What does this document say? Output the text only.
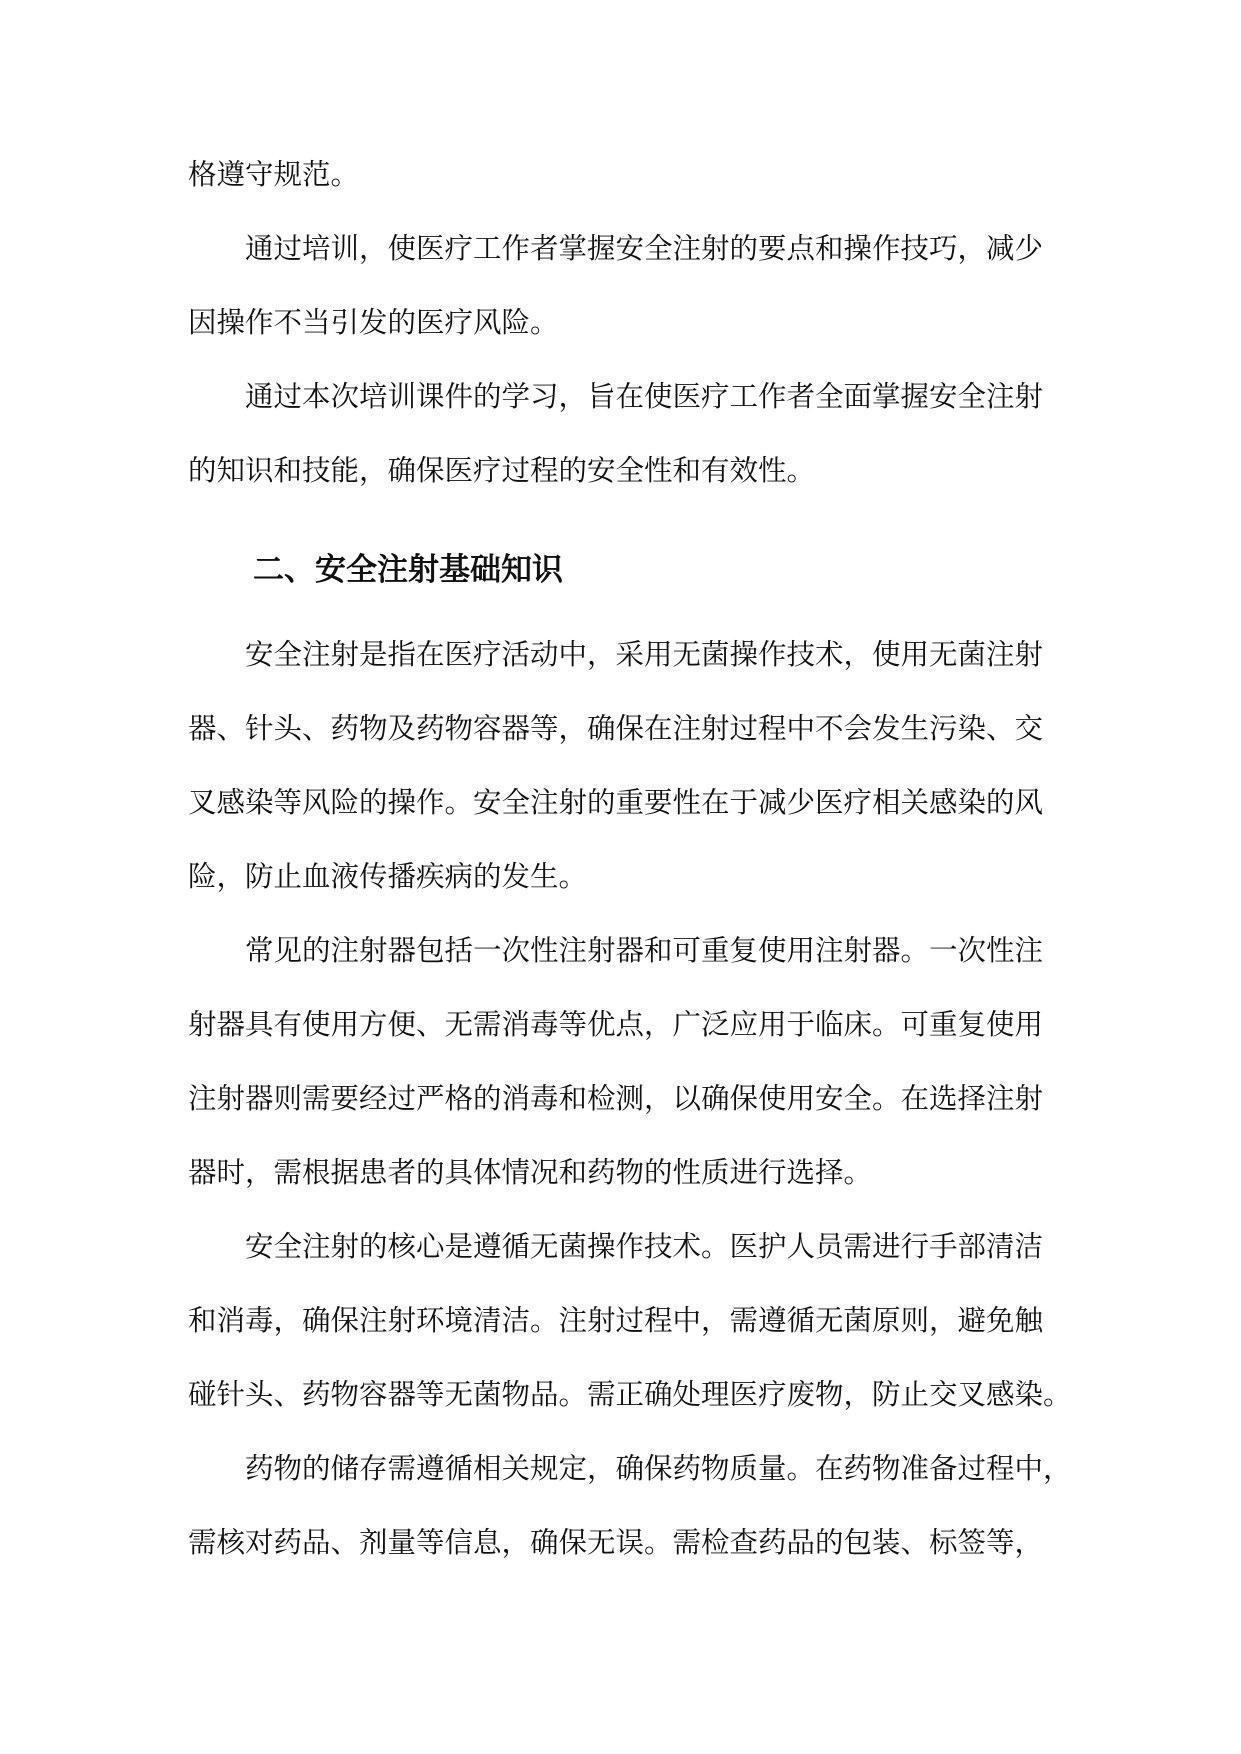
格遵守规范。
通过培训，使医疗工作者掌握安全注射的要点和操作技巧，减少
因操作不当引发的医疗风险。
通过本次培训课件的学习，旨在使医疗工作者全面掌握安全注射
的知识和技能，确保医疗过程的安全性和有效性。
二、安全注射基础知识
安全注射是指在医疗活动中，采用无菌操作技术，使用无菌注射
器、针头、药物及药物容器等，确保在注射过程中不会发生污染、交
叉感染等风险的操作。安全注射的重要性在于减少医疗相关感染的风
险，防止血液传播疾病的发生。
常见的注射器包括一次性注射器和可重复使用注射器。一次性注
射器具有使用方便、无需消毒等优点，广泛应用于临床。可重复使用
注射器则需要经过严格的消毒和检测，以确保使用安全。在选择注射
器时，需根据患者的具体情况和药物的性质进行选择。
安全注射的核心是遵循无菌操作技术。医护人员需进行手部清洁
和消毒，确保注射环境清洁。注射过程中，需遵循无菌原则，避免触
碰针头、药物容器等无菌物品。需正确处理医疗废物，防止交叉感染。
药物的储存需遵循相关规定，确保药物质量。在药物准备过程中，
需核对药品、剂量等信息，确保无误。需检查药品的包装、标签等，
